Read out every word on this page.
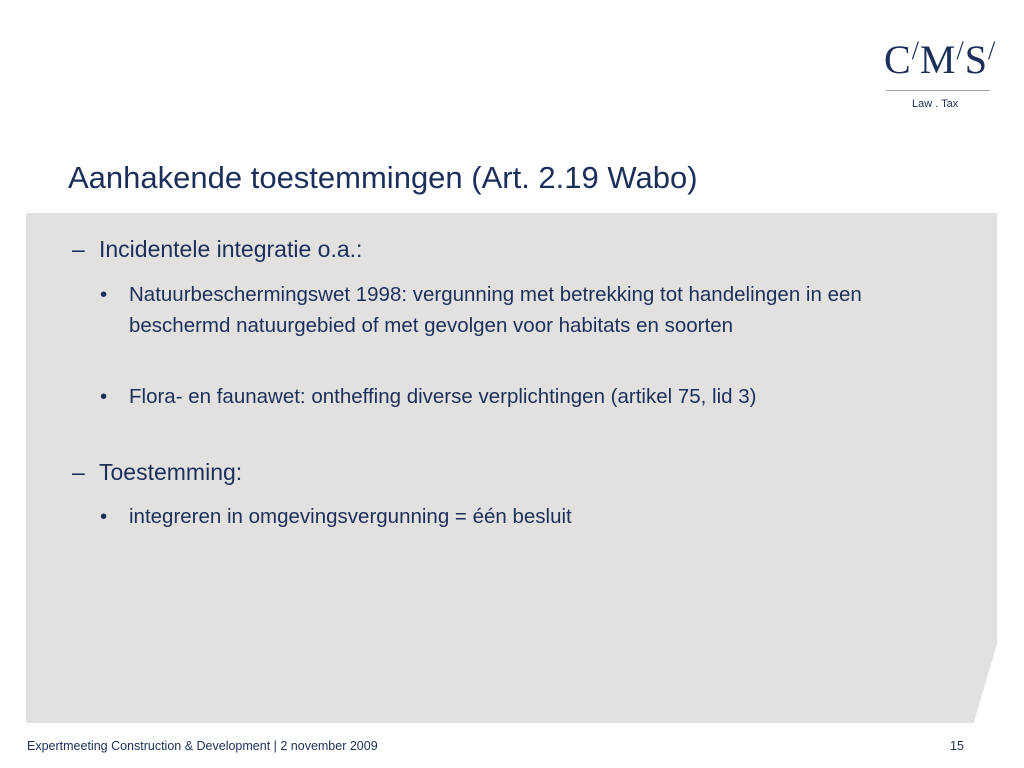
C/M/S/
Law . Tax
Aanhakende toestemmingen (Art. 2.19 Wabo)
– Incidentele integratie o.a.:
•	Natuurbeschermingswet 1998: vergunning met betrekking tot handelingen in een beschermd natuurgebied of met gevolgen voor habitats en soorten
•	Flora- en faunawet: ontheffing diverse verplichtingen (artikel 75, lid 3)
– Toestemming:
•	integreren in omgevingsvergunning = één besluit
Expertmeeting Construction & Development | 2 november 2009	15
